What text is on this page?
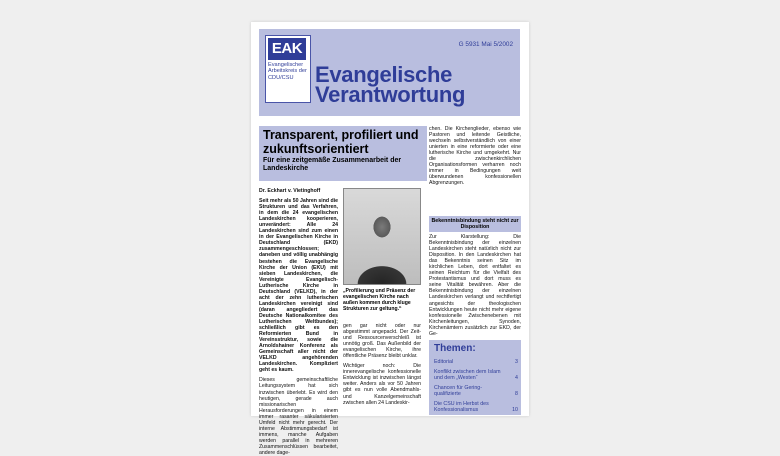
EAK
Evangelischer Arbeitskreis der CDU/CSU
G 5931 Mai 5/2002
Evangelische
Verantwortung
Transparent, profiliert und zukunftsorientiert
Für eine zeitgemäße Zusammenarbeit der Landeskirche

Dr. Eckhart v. Vietinghoff

Seit mehr als 50 Jahren sind die Strukturen und das Verfahren, in dem die 24 evangelischen Landeskirchen kooperieren, unverändert: Alle 24 Landeskirchen sind zum einen in der Evangelischen Kirche in Deutschland (EKD) zusammengeschlossen; daneben und völlig unabhängig bestehen die Evangelische Kirche der Union (EKU) mit sieben Landeskirchen, die Vereinigte Evangelisch-Lutherische Kirche in Deutschland (VELKD), in der acht der zehn lutherischen Landeskirchen vereinigt sind (daran angegliedert das Deutsche Nationalkomitee des Lutherischen Weltbundes); schließlich gibt es den Reformierten Bund in Vereinsstruktur, sowie die Arnoldshainer Konferenz als Gemeinschaft aller nicht der VELKD angehörenden Landeskirchen. Kompliziert geht es kaum.

Dieses gemeinschaftliche Leitungssystem hat sich inzwischen überlebt. Es wird den heutigen, gerade auch missionarischen Herausforderungen in einem immer rasanter säkularisierten Umfeld nicht mehr gerecht. Der interne Abstimmungsbedarf ist immens, manche Aufgaben werden parallel in mehreren Zusammenschlüssen bearbeitet, andere dage-

„Profilierung und Präsenz der evangelischen Kirche nach außen kommen durch kluge Strukturen zur geltung.“

gen gar nicht oder nur abgestimmt angepackt. Der Zeit- und Ressourcenverschleiß ist unnötig groß. Das Außenbild der evangelischen Kirche, ihre öffentliche Präsenz bleibt unklar.

Wichtiger noch: Die innerevangelische konfessionelle Entwicklung ist inzwischen längst weiter. Anders als vor 50 Jahren gibt es nun volle Abendmahls- und Kanzelgemeinschaft zwischen allen 24 Landeskir-

chen. Die Kirchenglieder, ebenso wie Pastoren und leitende Geistliche, wechseln selbstverständlich von einer unierten in eine reformierte oder eine lutherische Kirche und umgekehrt. Nur die zwischenkirchlichen Organisationsformen verharren noch immer in Bedingungen weit überwundenen konfessionellen Abgrenzungen.

Bekenntnisbindung steht nicht zur Disposition

Zur Klarstellung: Die Bekenntnisbindung der einzelnen Landeskirchen steht natürlich nicht zur Disposition. In den Landeskirchen hat das Bekenntnis seinen Sitz im kirchlichen Leben, dort entfaltet es seinen Reichtum für die Vielfalt des Protestantismus und dort muss es seine Vitalität bewähren. Aber die Bekenntnisbindung der einzelnen Landeskirchen verlangt und rechtfertigt angesichts der theologischen Entwicklungen heute nicht mehr eigene konfessionelle Zwischenebenen mit Kirchenleitungen, Synoden, Kirchenämtern zusätzlich zur EKD, der Ge-

Themen:
Editorial	3
Konflikt zwischen dem Islam und dem „Westen“	4
Chancen für Gering-qualifizierte	8
Die CSU im Herbst des Konfessionalismus	10
